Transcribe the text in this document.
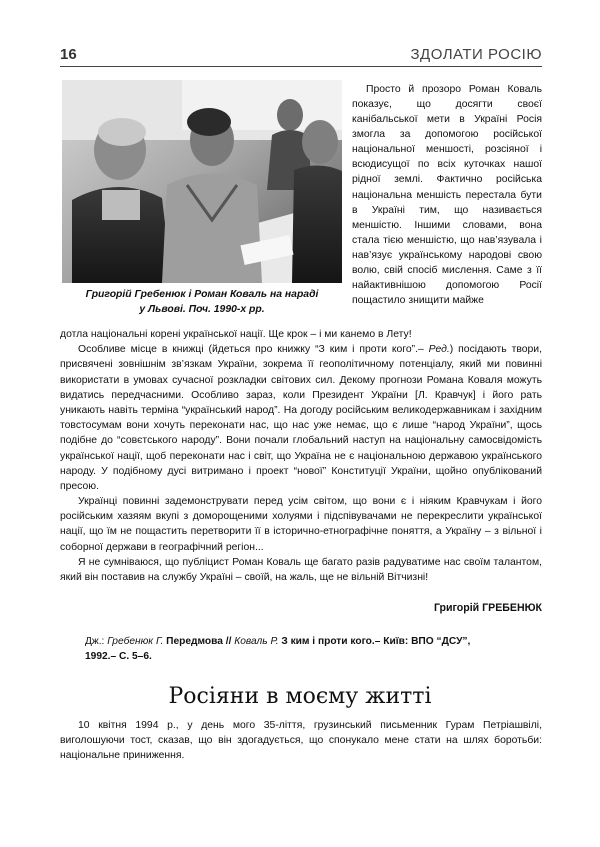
16	ЗДОЛАТИ РОСІЮ
Григорій Гребенюк і Роман Коваль на нараді
у Львові. Поч. 1990-х рр.

Просто й прозоро Роман Коваль показує, що досягти своєї канібальської мети в Україні Росія змогла за допомогою російської національної меншості, розсіяної і всюдисущої по всіх куточках нашої рідної землі. Фактично російська національна меншість перестала бути в Україні тим, що називається меншістю. Іншими словами, вона стала тією меншістю, що нав’язувала і нав’язує українському народові свою волю, свій спосіб мислення. Саме з її найактивнішою допомогою Росії пощастило знищити майже

дотла національні корені української нації. Ще крок – і ми канемо в Лету!

Особливе місце в книжці (йдеться про книжку “З ким і проти кого”.– Ред.) посідають твори, присвячені зовнішнім зв’язкам України, зокрема її геополітичному потенціалу, який ми повинні використати в умовах сучасної розкладки світових сил. Декому прогнози Романа Коваля можуть видатись передчасними. Особливо зараз, коли Президент України [Л. Кравчук] і його рать уникають навіть терміна “український народ”. На догоду російським великодержавникам і західним товстосумам вони хочуть переконати нас, що нас уже немає, що є лише “народ України”, щось подібне до “совєтського народу”. Вони почали глобальний наступ на національну самосвідомість української нації, щоб переконати нас і світ, що Україна не є національною державою українського народу. У подібному дусі витримано і проект “нової” Конституції України, щойно опублікований пресою.

Українці повинні задемонструвати перед усім світом, що вони є і ніяким Кравчукам і його російським хазяям вкупі з доморощеними холуями і підспівувачами не перекреслити української нації, що їм не пощастить перетворити її в історично-етнографічне поняття, а Україну – з вільної і соборної держави в географічний регіон...

Я не сумніваюся, що публіцист Роман Коваль ще багато разів радуватиме нас своїм талантом, який він поставив на службу Україні – своїй, на жаль, ще не вільній Вітчизні!

Григорій ГРЕБЕНЮК
Дж.: Гребенюк Г. Передмова // Коваль Р. З ким і проти кого.– Київ: ВПО “ДСУ”,
1992.– С. 5–6.
Росіяни в моєму житті

10 квітня 1994 р., у день мого 35-ліття, грузинський письменник Гурам Петріашвілі, виголошуючи тост, сказав, що він здогадується, що спонукало мене стати на шлях боротьби: національне приниження.
